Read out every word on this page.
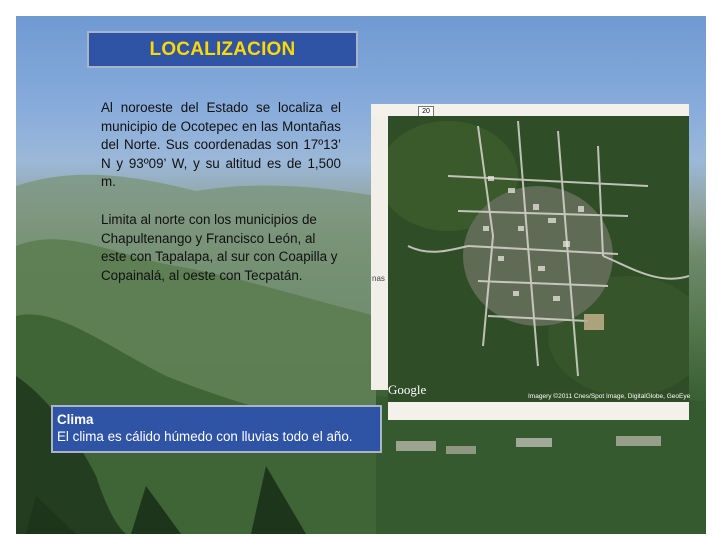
LOCALIZACION
Al noroeste del Estado se localiza el municipio de Ocotepec en las Montañas del Norte. Sus coordenadas son 17º13’ N y 93º09’ W, y su altitud es de 1,500 m.
Limita al norte con los municipios de Chapultenango y Francisco León, al este con Tapalapa, al sur con Coapilla y Copainalá, al oeste con Tecpatán.
20
nas
Google	Imagery ©2011 Cnes/Spot Image, DigitalGlobe, GeoEye
Clima
El clima es cálido húmedo con lluvias todo el año.
